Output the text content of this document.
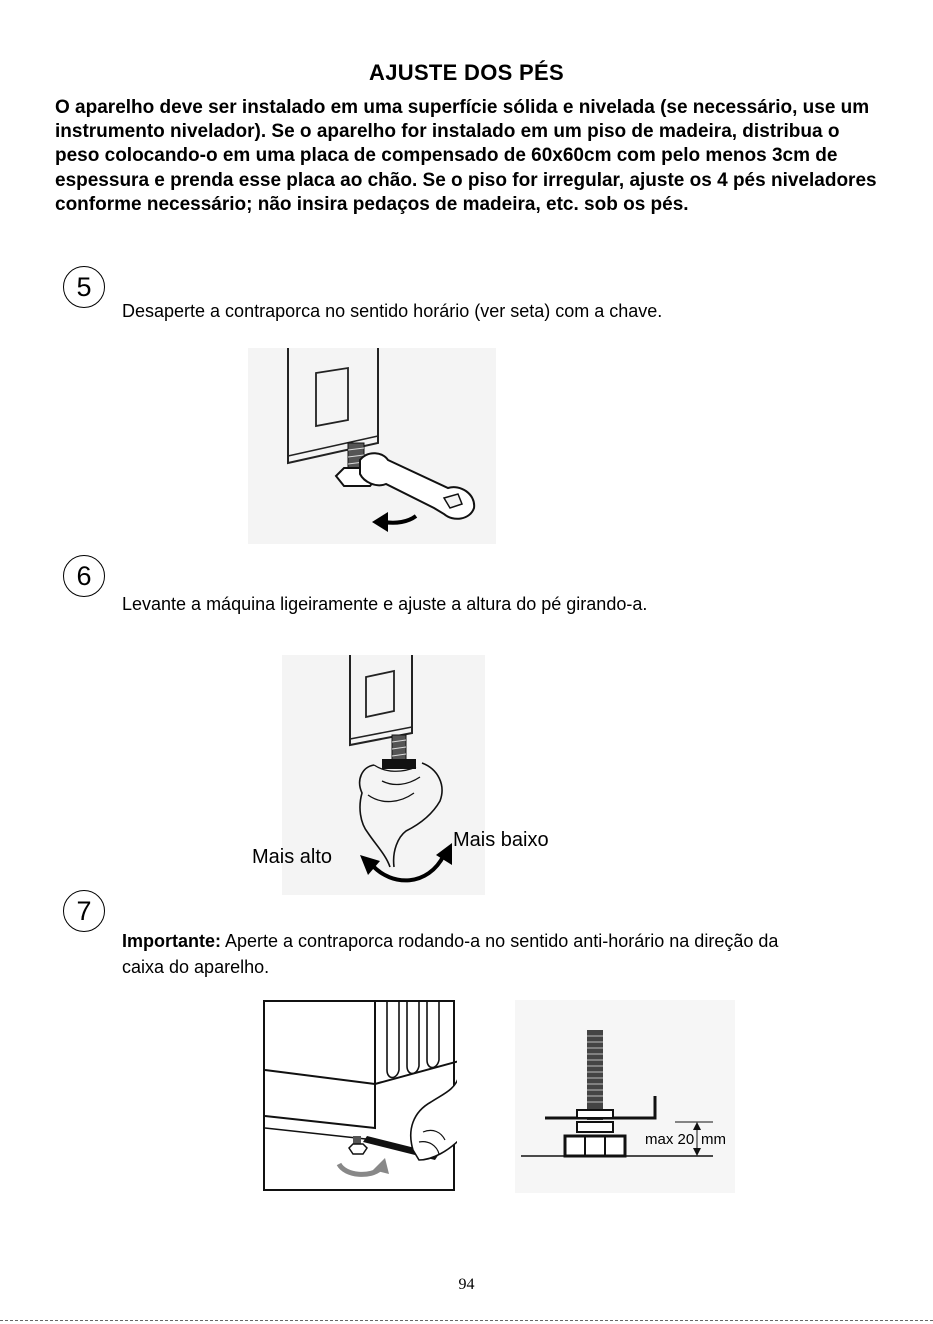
AJUSTE DOS PÉS
O aparelho deve ser instalado em uma superfície sólida e nivelada (se necessário, use um instrumento nivelador). Se o aparelho for instalado em um piso de madeira, distribua o peso colocando-o em uma placa de compensado de 60x60cm com pelo menos 3cm de espessura e prenda esse placa ao chão. Se o piso for irregular, ajuste os 4 pés niveladores conforme necessário; não insira pedaços de madeira, etc. sob os pés.
5
Desaperte a contraporca no sentido horário (ver seta) com a chave.
6
Levante a máquina ligeiramente e ajuste a altura do pé girando-a.
Mais alto
Mais baixo
7
Importante: Aperte a contraporca rodando-a no sentido anti-horário na direção da caixa do aparelho.
max 20 mm
94
